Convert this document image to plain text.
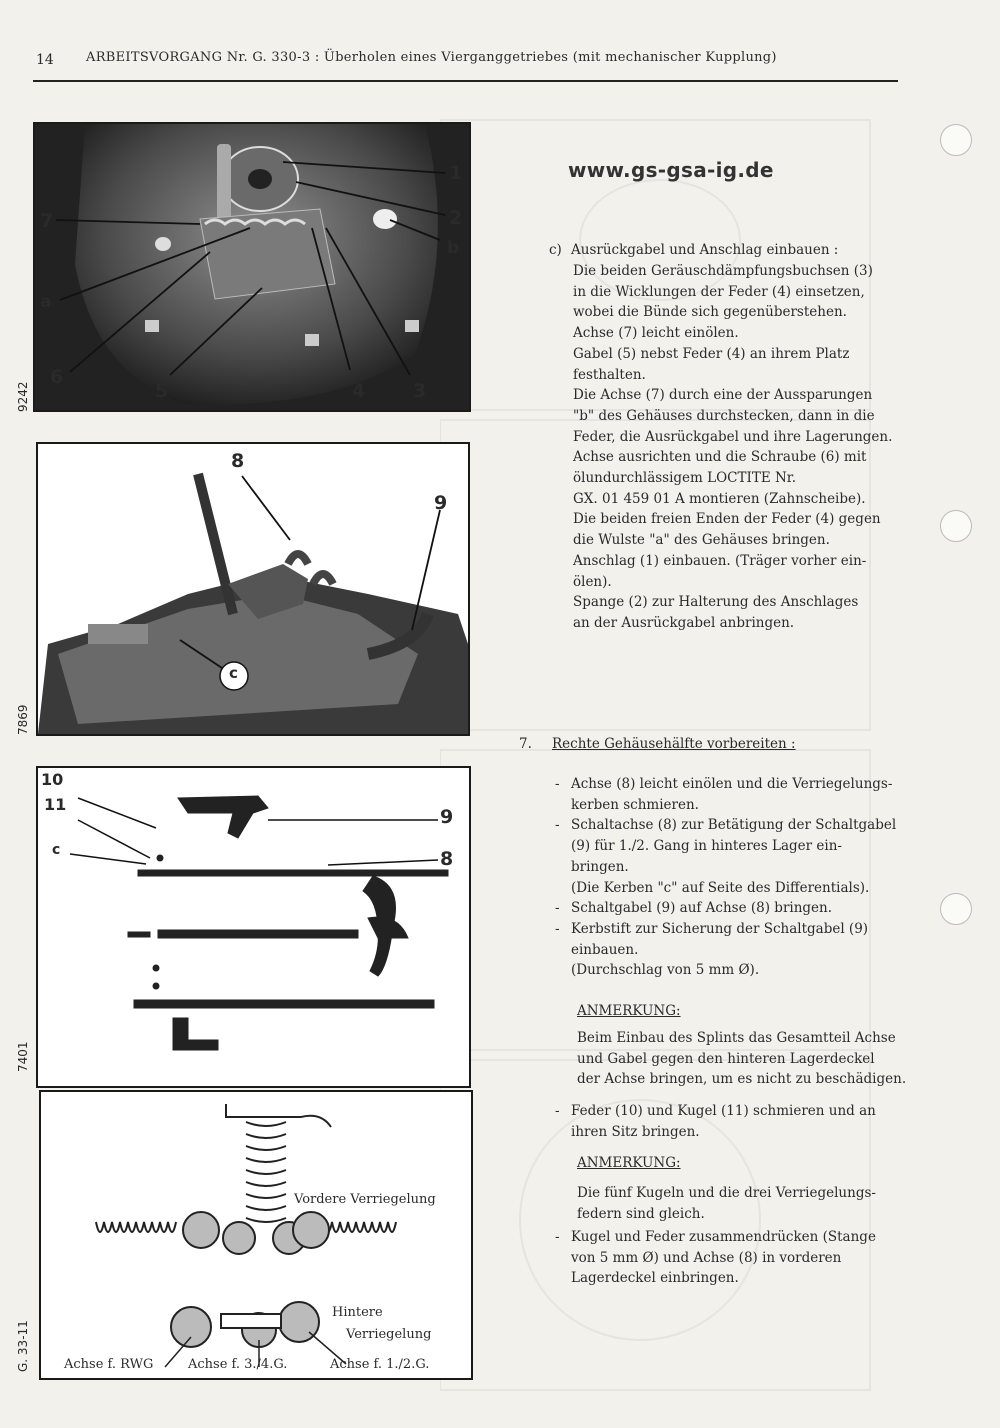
14 ARBEITSVORGANG Nr. G. 330-3 : Überholen eines Vierganggetriebes (mit mechanischer Kupplung)
9242
1
2
b
7
a
6
5	4	3
7869
8
9
c
7401
10
11
c
9
8
G. 33-11
Vordere Verriegelung
Hintere
Verriegelung
Achse f. RWG	Achse f. 3./4.G.	Achse f. 1./2.G.
www.gs-gsa-ig.de
c) Ausrückgabel und Anschlag einbauen :
Die beiden Geräuschdämpfungsbuchsen (3)
in die Wicklungen der Feder (4) einsetzen,
wobei die Bünde sich gegenüberstehen.
Achse (7) leicht einölen.
Gabel (5) nebst Feder (4) an ihrem Platz
festhalten.
Die Achse (7) durch eine der Aussparungen
"b" des Gehäuses durchstecken, dann in die
Feder, die Ausrückgabel und ihre Lagerungen.
Achse ausrichten und die Schraube (6) mit
ölundurchlässigem LOCTITE Nr.
GX. 01 459 01 A montieren (Zahnscheibe).
Die beiden freien Enden der Feder (4) gegen
die Wulste "a" des Gehäuses bringen.
Anschlag (1) einbauen. (Träger vorher ein-
ölen).
Spange (2) zur Halterung des Anschlages
an der Ausrückgabel anbringen.
7. Rechte Gehäusehälfte vorbereiten :
- Achse (8) leicht einölen und die Verriegelungs-
kerben schmieren.
- Schaltachse (8) zur Betätigung der Schaltgabel
(9) für 1./2. Gang in hinteres Lager ein-
bringen.
(Die Kerben "c" auf Seite des Differentials).
- Schaltgabel (9) auf Achse (8) bringen.
- Kerbstift zur Sicherung der Schaltgabel (9)
einbauen.
(Durchschlag von 5 mm Ø).
ANMERKUNG:
Beim Einbau des Splints das Gesamtteil Achse
und Gabel gegen den hinteren Lagerdeckel
der Achse bringen, um es nicht zu beschädigen.
- Feder (10) und Kugel (11) schmieren und an
ihren Sitz bringen.
ANMERKUNG:
Die fünf Kugeln und die drei Verriegelungs-
federn sind gleich.
- Kugel und Feder zusammendrücken (Stange
von 5 mm Ø) und Achse (8) in vorderen
Lagerdeckel einbringen.
